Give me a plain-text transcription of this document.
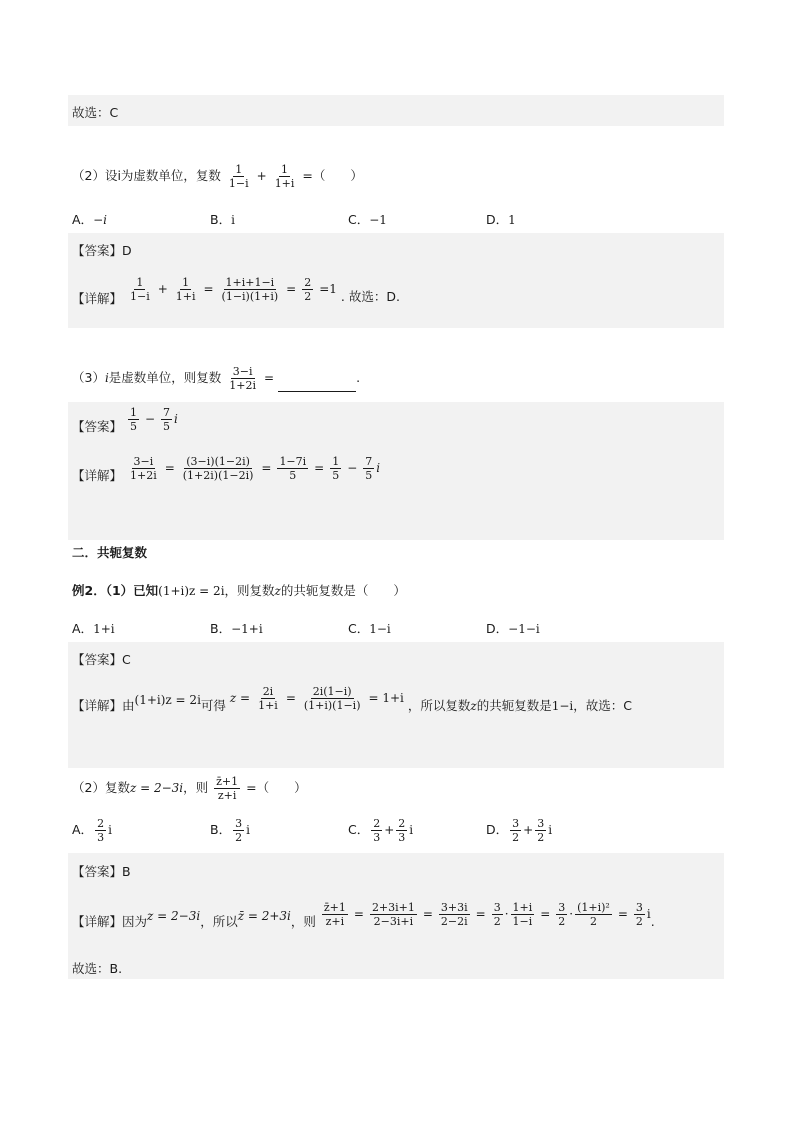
故选：C
（2）设i为虚数单位，复数 $\frac{1}{1-i} + \frac{1}{1+i}$ =（　　）
A．−i	B．i	C．−1	D．1
【答案】D
【详解】 $\frac{1}{1-i} + \frac{1}{1+i} = \frac{1+i+1-i}{(1-i)(1+i)} = \frac{2}{2} =1$ . 故选：D.
（3）i是虚数单位，则复数 $\frac{3-i}{1+2i}$ =	.
【答案】 $\frac{1}{5} - \frac{7}{5}$ i
【详解】 $\frac{3-i}{1+2i} = \frac{(3-i)(1-2i)}{(1+2i)(1-2i)} = \frac{1-7i}{5} = \frac{1}{5} - \frac{7}{5}$ i
二．共轭复数
例2．（1）已知(1+i)z = 2i，则复数z的共轭复数是（　　）
A．1+i	B．−1+i	C．1−i	D．−1−i
【答案】C
【详解】由(1+i)z = 2i可得 $z = \frac{2i}{1+i} = \frac{2i(1-i)}{(1+i)(1-i)} = 1+i$ ，所以复数z的共轭复数是1−i，故选：C
（2）复数z = 2−3i，则 $\frac{z̄+1}{z+i}$ =（　　）
A． $\frac{2}{3}$ i	B． $\frac{3}{2}$ i	C． $\frac{2}{3} + \frac{2}{3}$ i	D． $\frac{3}{2} + \frac{3}{2}$ i
【答案】B
【详解】因为z = 2−3i，所以z̄ = 2+3i，则 $\frac{z̄+1}{z+i} = \frac{2+3i+1}{2-3i+i} = \frac{3+3i}{2-2i} = \frac{3}{2} \cdot \frac{1+i}{1-i} = \frac{3}{2} \cdot \frac{\text{(1+i)²}}{2} = \frac{3}{2} i$.
故选：B.
